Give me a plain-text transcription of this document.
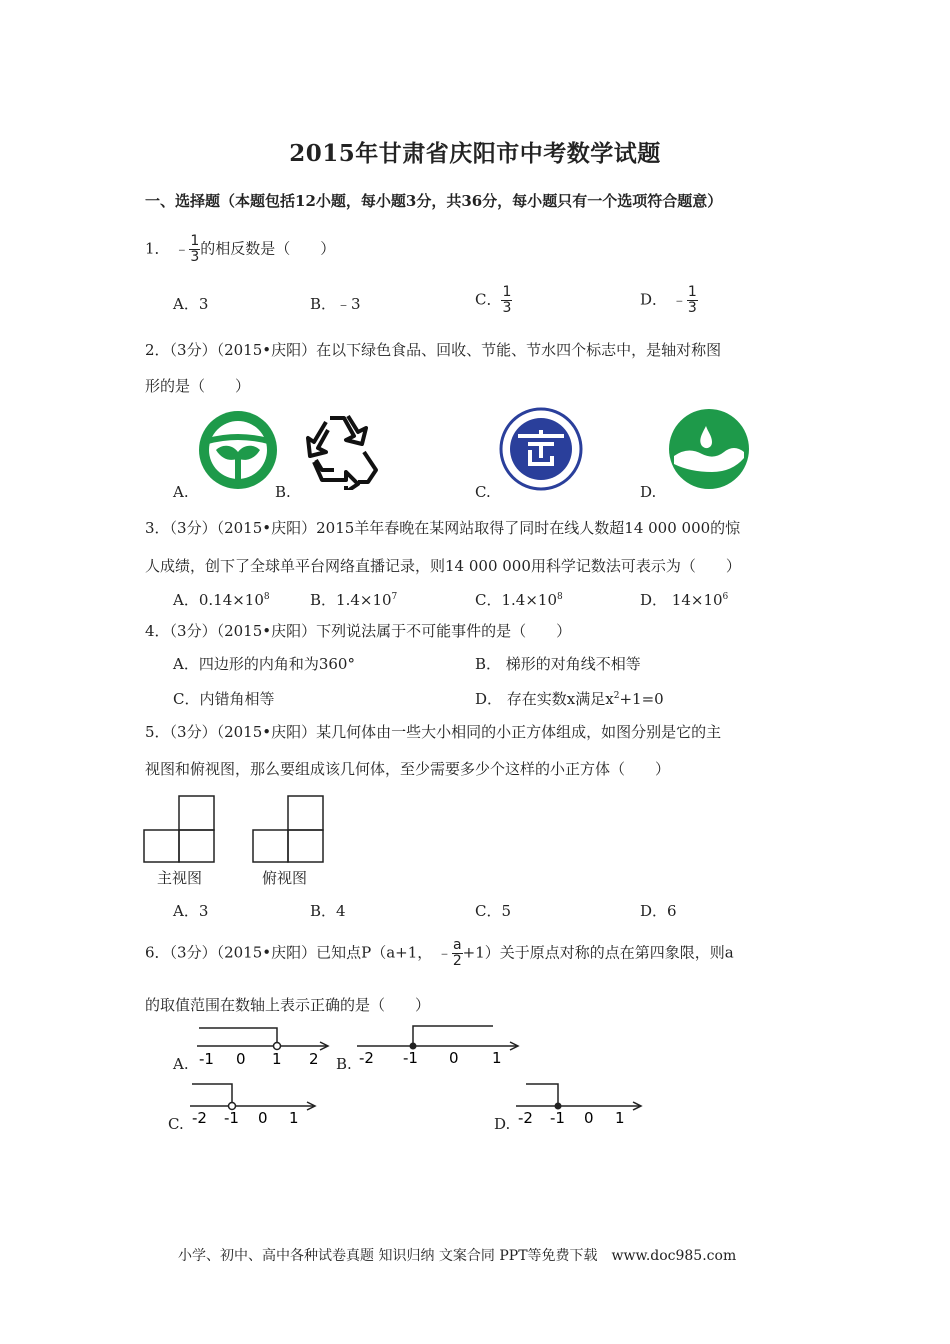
2015年甘肃省庆阳市中考数学试题
一、选择题（本题包括12小题，每小题3分，共36分，每小题只有一个选项符合题意）
1． ﹣ $\frac{1}{3}$ 的相反数是（　　）
A．3	B．﹣3	C． $\frac{1}{3}$	D． ﹣ $\frac{1}{3}$
2．（3分）（2015•庆阳）在以下绿色食品、回收、节能、节水四个标志中，是轴对称图
形的是（　　）
A.	B.	C.	D.
3．（3分）（2015•庆阳）2015羊年春晚在某网站取得了同时在线人数超14 000 000的惊
人成绩，创下了全球单平台网络直播记录，则14 000 000用科学记数法可表示为（　　）
A．$0.14\times 10^8$	B．$1.4\times 10^7$	C．$1.4\times 10^8$	D． $14\times 10^6$
4．（3分）（2015•庆阳）下列说法属于不可能事件的是（　　）
A．四边形的内角和为360°	B． 梯形的对角线不相等
C．内错角相等	D． 存在实数x满足$x^2+1=0$
5．（3分）（2015•庆阳）某几何体由一些大小相同的小正方体组成，如图分别是它的主
视图和俯视图，那么要组成该几何体，至少需要多少个这样的小正方体（　　）
主视图	俯视图
A．3	B．4	C．5	D．6
6．（3分）（2015•庆阳）已知点P（a+1， ﹣ $\frac{a}{2} +1$）关于原点对称的点在第四象限，则a
的取值范围在数轴上表示正确的是（　　）
A. -1 0 1 2 B. -2 -1 0 1
C. -2 -1 0 1	D. -2 -1 0 1
小学、初中、高中各种试卷真题 知识归纳 文案合同 PPT等免费下载　www.doc985.com
